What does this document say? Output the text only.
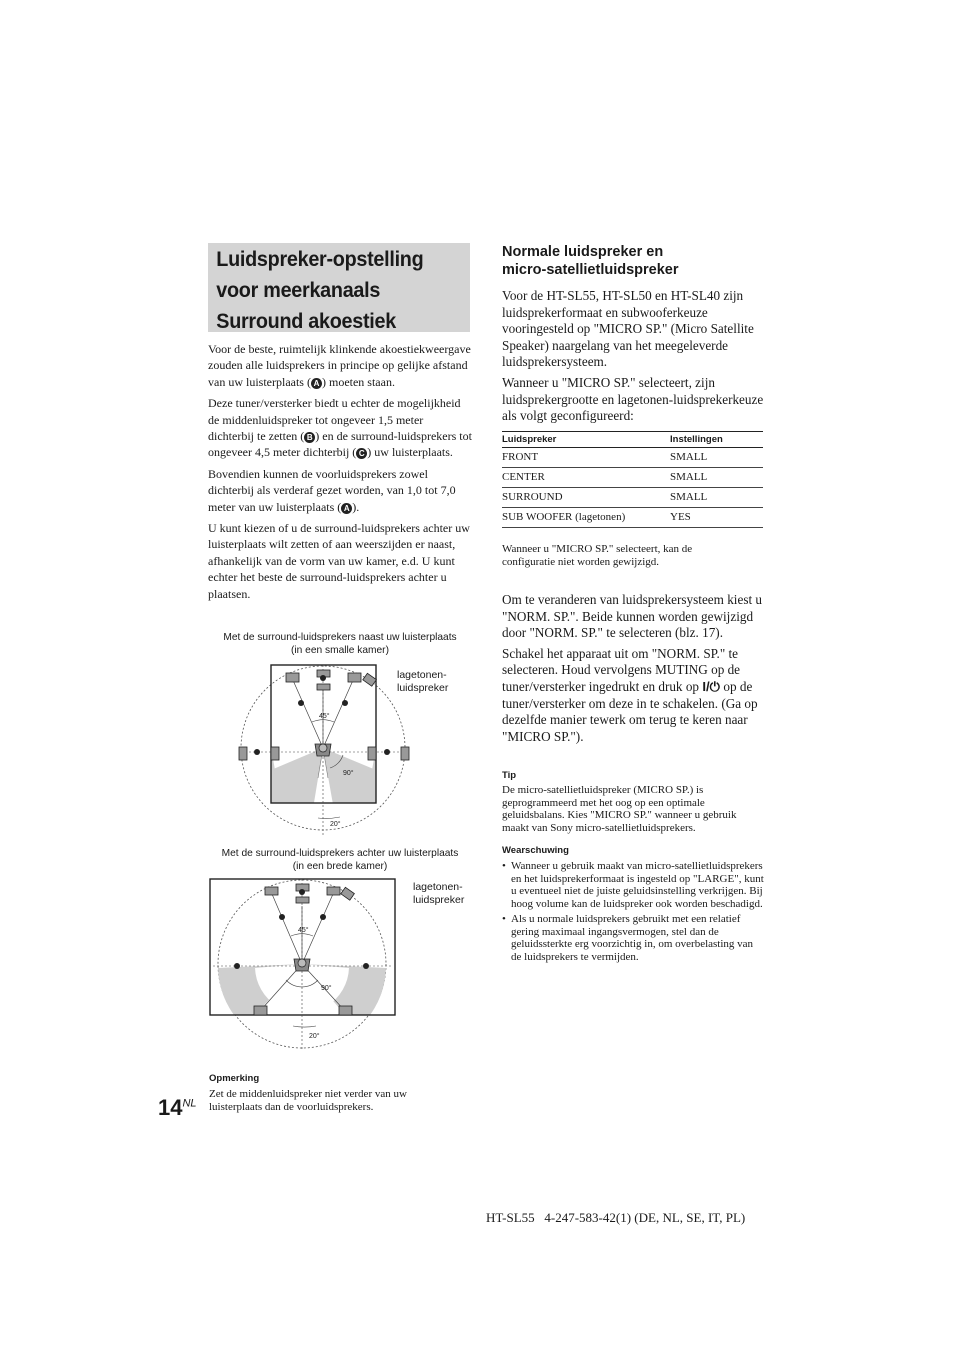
Luidspreker-opstelling
voor meerkanaals
Surround akoestiek

Voor de beste, ruimtelijk klinkende akoestiekweergave zouden alle luidsprekers in principe op gelijke afstand van uw luisterplaats ( A ) moeten staan.

Deze tuner/versterker biedt u echter de mogelijkheid de middenluidspreker tot ongeveer 1,5 meter dichterbij te zetten ( B ) en de surround-luidsprekers tot ongeveer 4,5 meter dichterbij ( C ) uw luisterplaats.

Bovendien kunnen de voorluidsprekers zowel dichterbij als verderaf gezet worden, van 1,0 tot 7,0 meter van uw luisterplaats ( A ).

U kunt kiezen of u de surround-luidsprekers achter uw luisterplaats wilt zetten of aan weerszijden er naast, afhankelijk van de vorm van uw kamer, e.d. U kunt echter het beste de surround-luidsprekers achter u plaatsen.

Met de surround-luidsprekers naast uw luisterplaats
(in een smalle kamer)
45°
90°
20°
lagetonen-
luidspreker
Met de surround-luidsprekers achter uw luisterplaats
(in een brede kamer)
45°
90°
20°
lagetonen-
luidspreker
Opmerking
Zet de middenluidspreker niet verder van uw luisterplaats dan de voorluidsprekers.
$14^{NL}$
Normale luidspreker en
micro-satellietluidspreker

Voor de HT-SL55, HT-SL50 en HT-SL40 zijn luidsprekerformaat en subwooferkeuze vooringesteld op "MICRO SP." (Micro Satellite Speaker) naargelang van het meegeleverde luidsprekersysteem.

Wanneer u "MICRO SP." selecteert, zijn luidsprekergrootte en lagetonen-luidsprekerkeuze als volgt geconfigureerd:

Luidspreker	Instellingen
FRONT	SMALL
CENTER	SMALL
SURROUND	SMALL
SUB WOOFER (lagetonen)	YES
Wanneer u "MICRO SP." selecteert, kan de configuratie niet worden gewijzigd.

Om te veranderen van luidsprekersysteem kiest u "NORM. SP.". Beide kunnen worden gewijzigd door "NORM. SP." te selecteren (blz. 17).

Schakel het apparaat uit om "NORM. SP." te selecteren. Houd vervolgens MUTING op de tuner/versterker ingedrukt en druk op I/⏻ op de tuner/versterker om deze in te schakelen. (Ga op dezelfde manier tewerk om terug te keren naar "MICRO SP.").

Tip
De micro-satellietluidspreker (MICRO SP.) is geprogrammeerd met het oog op een optimale geluidsbalans. Kies "MICRO SP." wanneer u gebruik maakt van Sony micro-satellietluidsprekers.
Wearschuwing
• Wanneer u gebruik maakt van micro-satellietluidsprekers en het luidsprekerformaat is ingesteld op "LARGE", kunt u eventueel niet de juiste geluidsinstelling verkrijgen. Bij hoog volume kan de luidspreker ook worden beschadigd.
• Als u normale luidsprekers gebruikt met een relatief gering maximaal ingangsvermogen, stel dan de geluidssterkte erg voorzichtig in, om overbelasting van de luidsprekers te vermijden.
HT-SL55   4-247-583-42(1) (DE, NL, SE, IT, PL)
